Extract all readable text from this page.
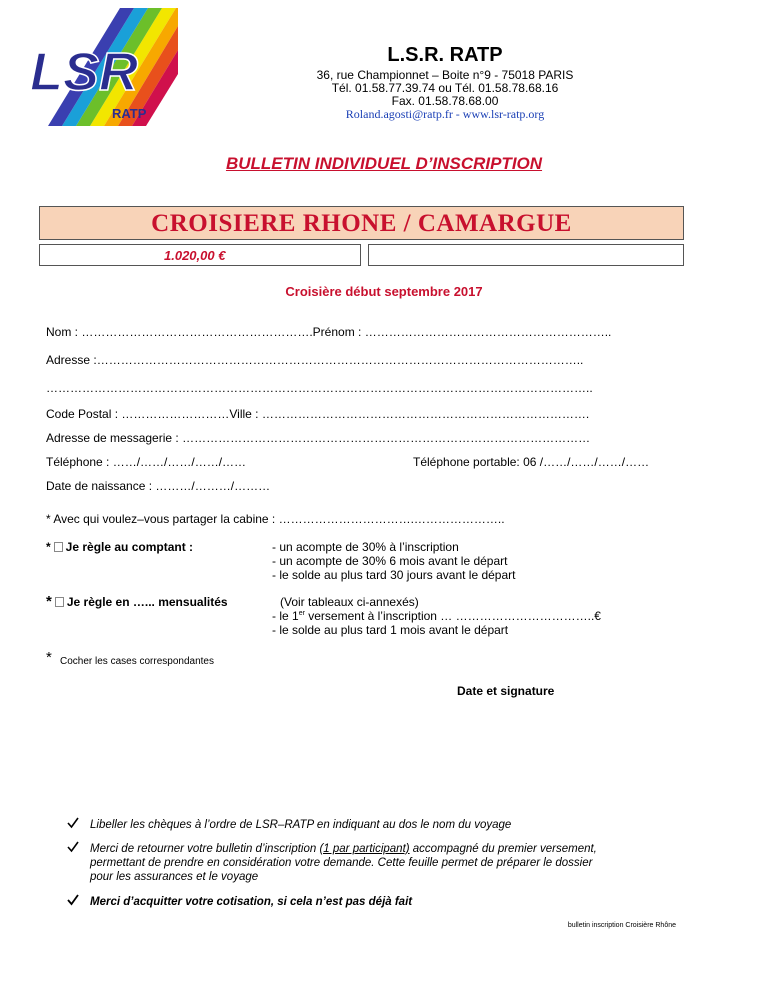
LSR
RATP
L.S.R. RATP
36, rue Championnet – Boite n°9 - 75018 PARIS
Tél. 01.58.77.39.74 ou Tél. 01.58.78.68.16
Fax. 01.58.78.68.00
Roland.agosti@ratp.fr - www.lsr-ratp.org
BULLETIN INDIVIDUEL D’INSCRIPTION
CROISIERE RHONE / CAMARGUE
1.020,00 €
Croisière début septembre 2017
Nom : ………………………………………………….Prénom : ……………………………………………………..
Adresse :…………………………………………………………………………………………………………..
………………………………………………………………………………………………………………………..
Code Postal : ………………………Ville : ……………………………………………………………………….
Adresse de messagerie : …………………………………………………………………………………………
Téléphone : ……/……/……/……/……	Téléphone portable: 06 /……/……/……/……
Date de naissance : ………/………/………
* Avec qui voulez–vous partager la cabine : …………………………….…………………..
* Je règle au comptant :	- un acompte de 30% à l’inscription
- un acompte de 30% 6 mois avant le départ
- le solde au plus tard 30 jours avant le départ
* Je règle en …... mensualités	(Voir tableaux ci-annexés)
- le 1er versement à l’inscription … ……………………………..€
- le solde au plus tard 1 mois avant le départ
* Cocher les cases correspondantes
Date et signature
Libeller les chèques à l’ordre de LSR–RATP en indiquant au dos le nom du voyage
Merci de retourner votre bulletin d’inscription (1 par participant) accompagné du premier versement,
permettant de prendre en considération votre demande. Cette feuille permet de préparer le dossier
pour les assurances et le voyage
Merci d’acquitter votre cotisation, si cela n’est pas déjà fait
bulletin inscription Croisière Rhône
